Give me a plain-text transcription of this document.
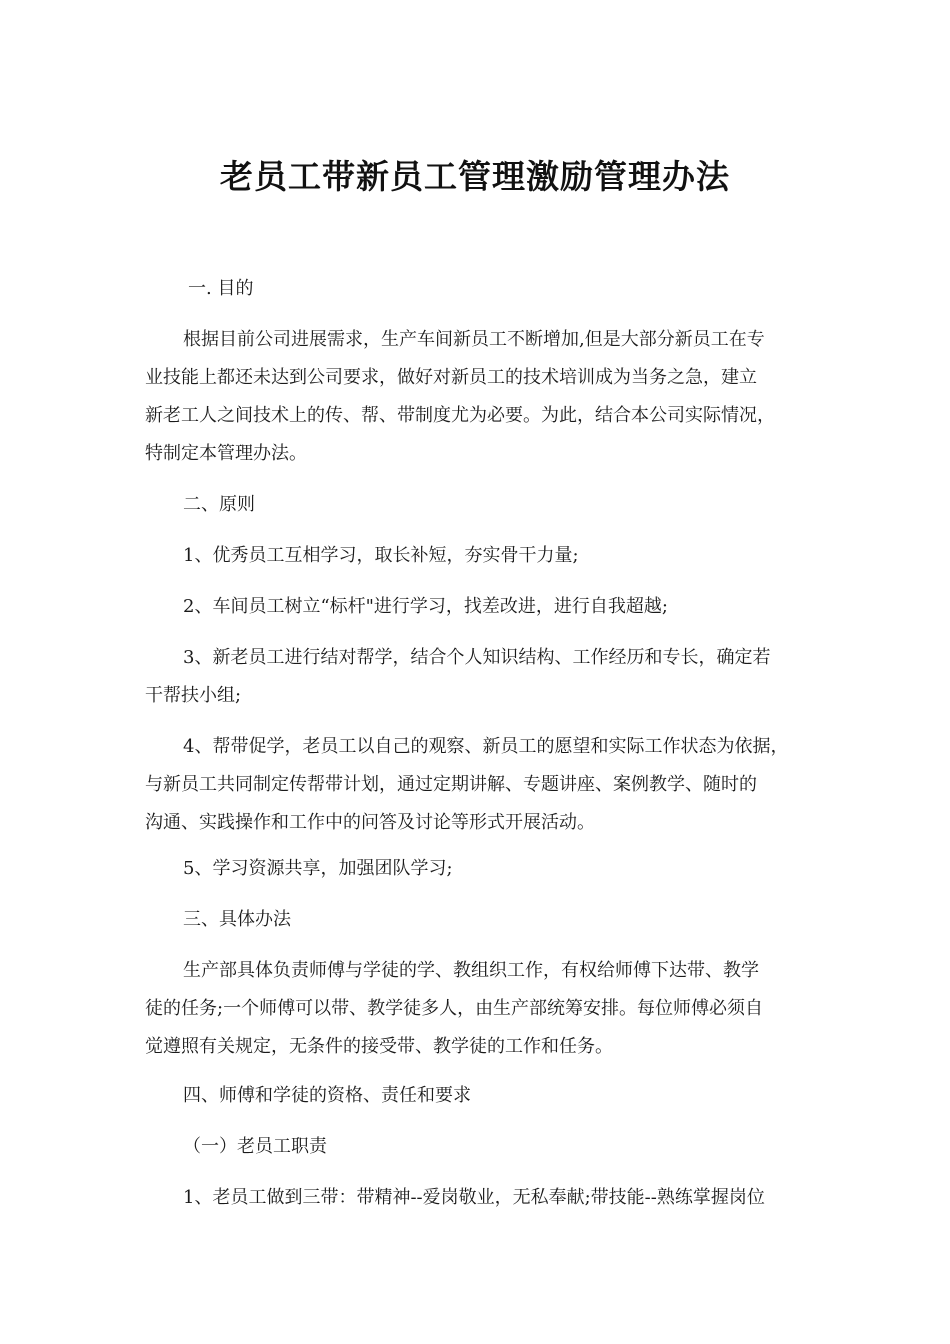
老员工带新员工管理激励管理办法
一. 目的
根据目前公司进展需求，生产车间新员工不断增加,但是大部分新员工在专
业技能上都还未达到公司要求，做好对新员工的技术培训成为当务之急，建立
新老工人之间技术上的传、帮、带制度尤为必要。为此，结合本公司实际情况，
特制定本管理办法。
二、原则
1、优秀员工互相学习，取长补短，夯实骨干力量;
2、车间员工树立“标杆"进行学习，找差改进，进行自我超越;
3、新老员工进行结对帮学，结合个人知识结构、工作经历和专长，确定若
干帮扶小组;
4、帮带促学，老员工以自己的观察、新员工的愿望和实际工作状态为依据，
与新员工共同制定传帮带计划，通过定期讲解、专题讲座、案例教学、随时的
沟通、实践操作和工作中的问答及讨论等形式开展活动。
5、学习资源共享，加强团队学习;
三、具体办法
生产部具体负责师傅与学徒的学、教组织工作，有权给师傅下达带、教学
徒的任务;一个师傅可以带、教学徒多人，由生产部统筹安排。每位师傅必须自
觉遵照有关规定，无条件的接受带、教学徒的工作和任务。
四、师傅和学徒的资格、责任和要求
（一）老员工职责
1、老员工做到三带：带精神--爱岗敬业，无私奉献;带技能--熟练掌握岗位
